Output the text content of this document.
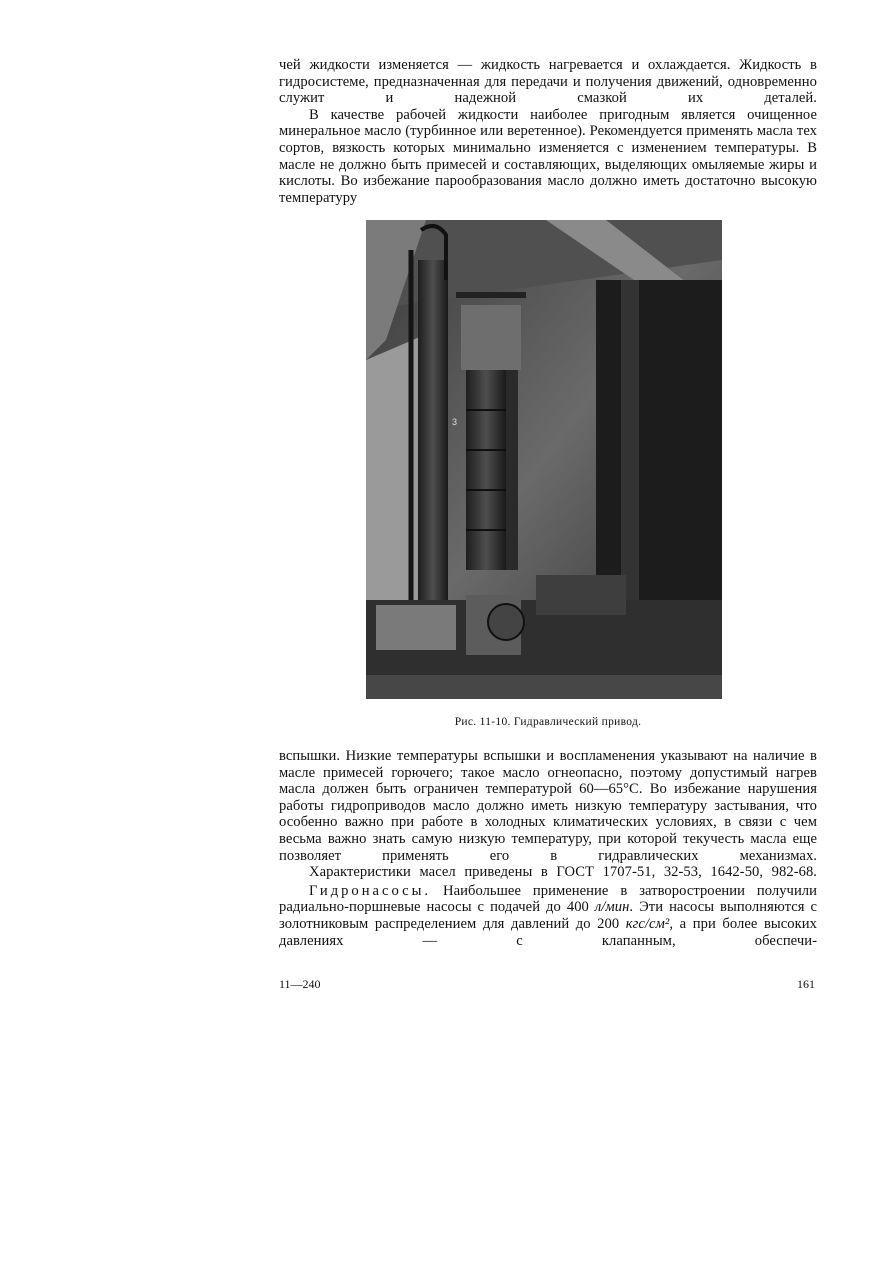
чей жидкости изменяется — жидкость нагревается и охлаждается. Жидкость в гидросистеме, предназначенная для передачи и получения движений, одновременно служит и надежной смазкой их деталей.

В качестве рабочей жидкости наиболее пригодным является очищенное минеральное масло (турбинное или веретенное). Рекомендуется применять масла тех сортов, вязкость которых минимально изменяется с изменением температуры. В масле не должно быть примесей и составляющих, выделяющих омыляемые жиры и кислоты. Во избежание парообразования масло должно иметь достаточно высокую температуру

3
Рис. 11-10. Гидравлический привод.

вспышки. Низкие температуры вспышки и воспламенения указывают на наличие в масле примесей горючего; такое масло огнеопасно, поэтому допустимый нагрев масла должен быть ограничен температурой 60—65°С. Во избежание нарушения работы гидроприводов масло должно иметь низкую температуру застывания, что особенно важно при работе в холодных климатических условиях, в связи с чем весьма важно знать самую низкую температуру, при которой текучесть масла еще позволяет применять его в гидравлических механизмах.

Характеристики масел приведены в ГОСТ 1707-51, 32-53, 1642-50, 982-68.

Гидронасосы. Наибольшее применение в затворостроении получили радиально-поршневые насосы с подачей до 400 л/мин. Эти насосы выполняются с золотниковым распределением для давлений до 200 кгс/см², а при более высоких давлениях — с клапанным, обеспечи-

11—240	161
